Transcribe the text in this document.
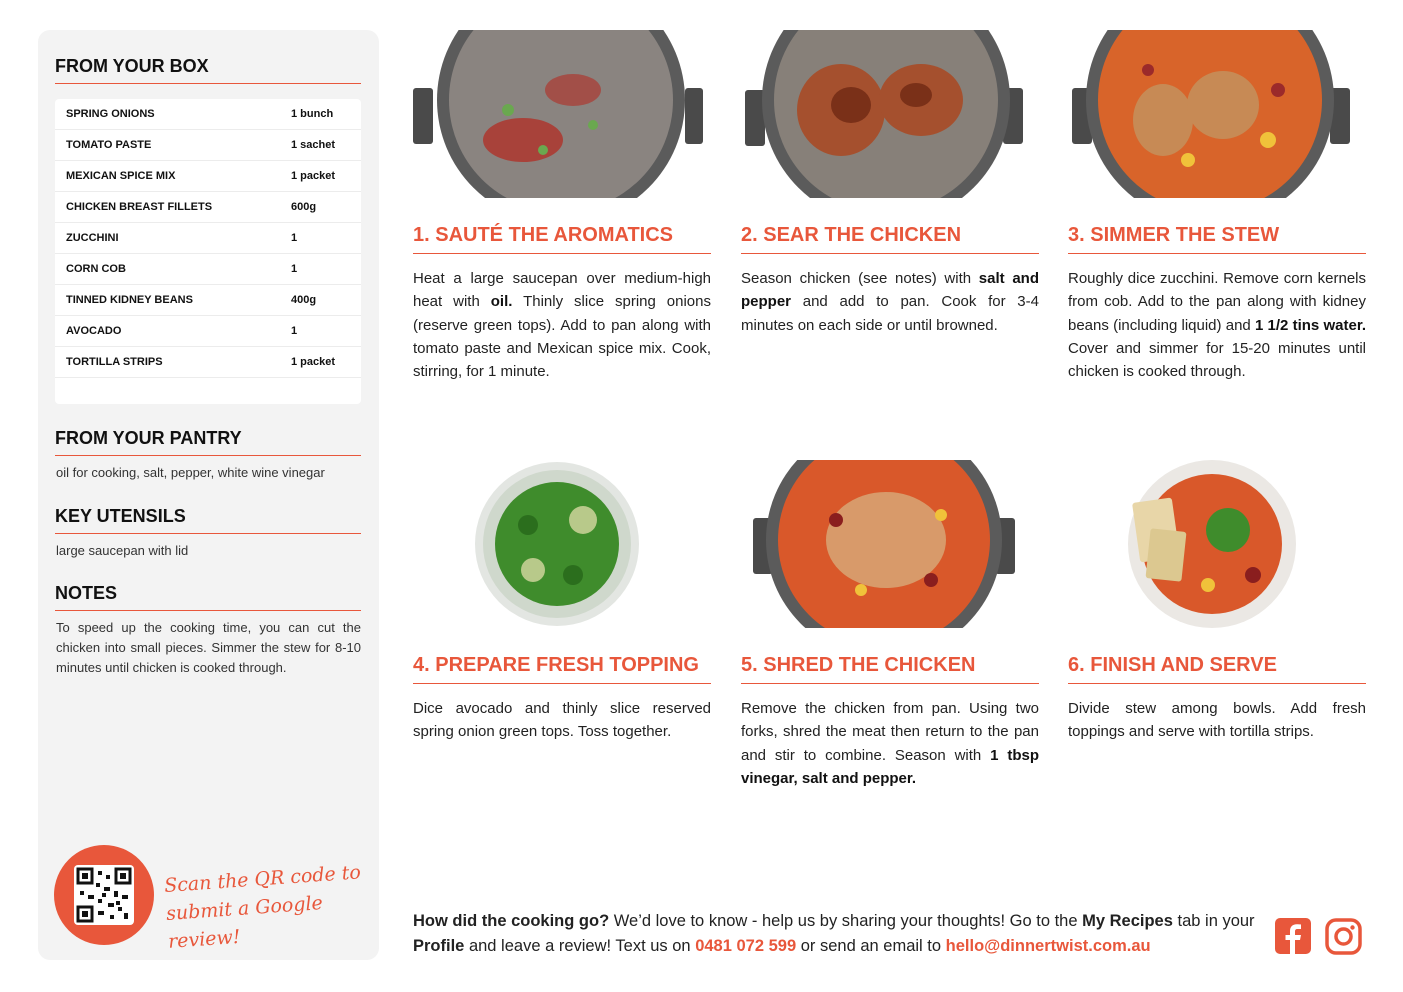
FROM YOUR BOX
SPRING ONIONS	1 bunch
TOMATO PASTE	1 sachet
MEXICAN SPICE MIX	1 packet
CHICKEN BREAST FILLETS	600g
ZUCCHINI	1
CORN COB	1
TINNED KIDNEY BEANS	400g
AVOCADO	1
TORTILLA STRIPS	1 packet
FROM YOUR PANTRY
oil for cooking, salt, pepper, white wine vinegar
KEY UTENSILS
large saucepan with lid
NOTES
To speed up the cooking time, you can cut the chicken into small pieces. Simmer the stew for 8-10 minutes until chicken is cooked through.
Scan the QR code to
submit a Google review!
1. SAUTÉ THE AROMATICS
Heat a large saucepan over medium-high heat with oil. Thinly slice spring onions (reserve green tops). Add to pan along with tomato paste and Mexican spice mix. Cook, stirring, for 1 minute.
2. SEAR THE CHICKEN
Season chicken (see notes) with salt and pepper and add to pan. Cook for 3-4 minutes on each side or until browned.
3. SIMMER THE STEW
Roughly dice zucchini. Remove corn kernels from cob. Add to the pan along with kidney beans (including liquid) and 1 1/2 tins water. Cover and simmer for 15-20 minutes until chicken is cooked through.
4. PREPARE FRESH TOPPING
Dice avocado and thinly slice reserved spring onion green tops. Toss together.
5. SHRED THE CHICKEN
Remove the chicken from pan. Using two forks, shred the meat then return to the pan and stir to combine. Season with 1 tbsp vinegar, salt and pepper.
6. FINISH AND SERVE
Divide stew among bowls. Add fresh toppings and serve with tortilla strips.
How did the cooking go? We’d love to know - help us by sharing your thoughts! Go to the My Recipes tab in your Profile and leave a review! Text us on 0481 072 599 or send an email to hello@dinnertwist.com.au
